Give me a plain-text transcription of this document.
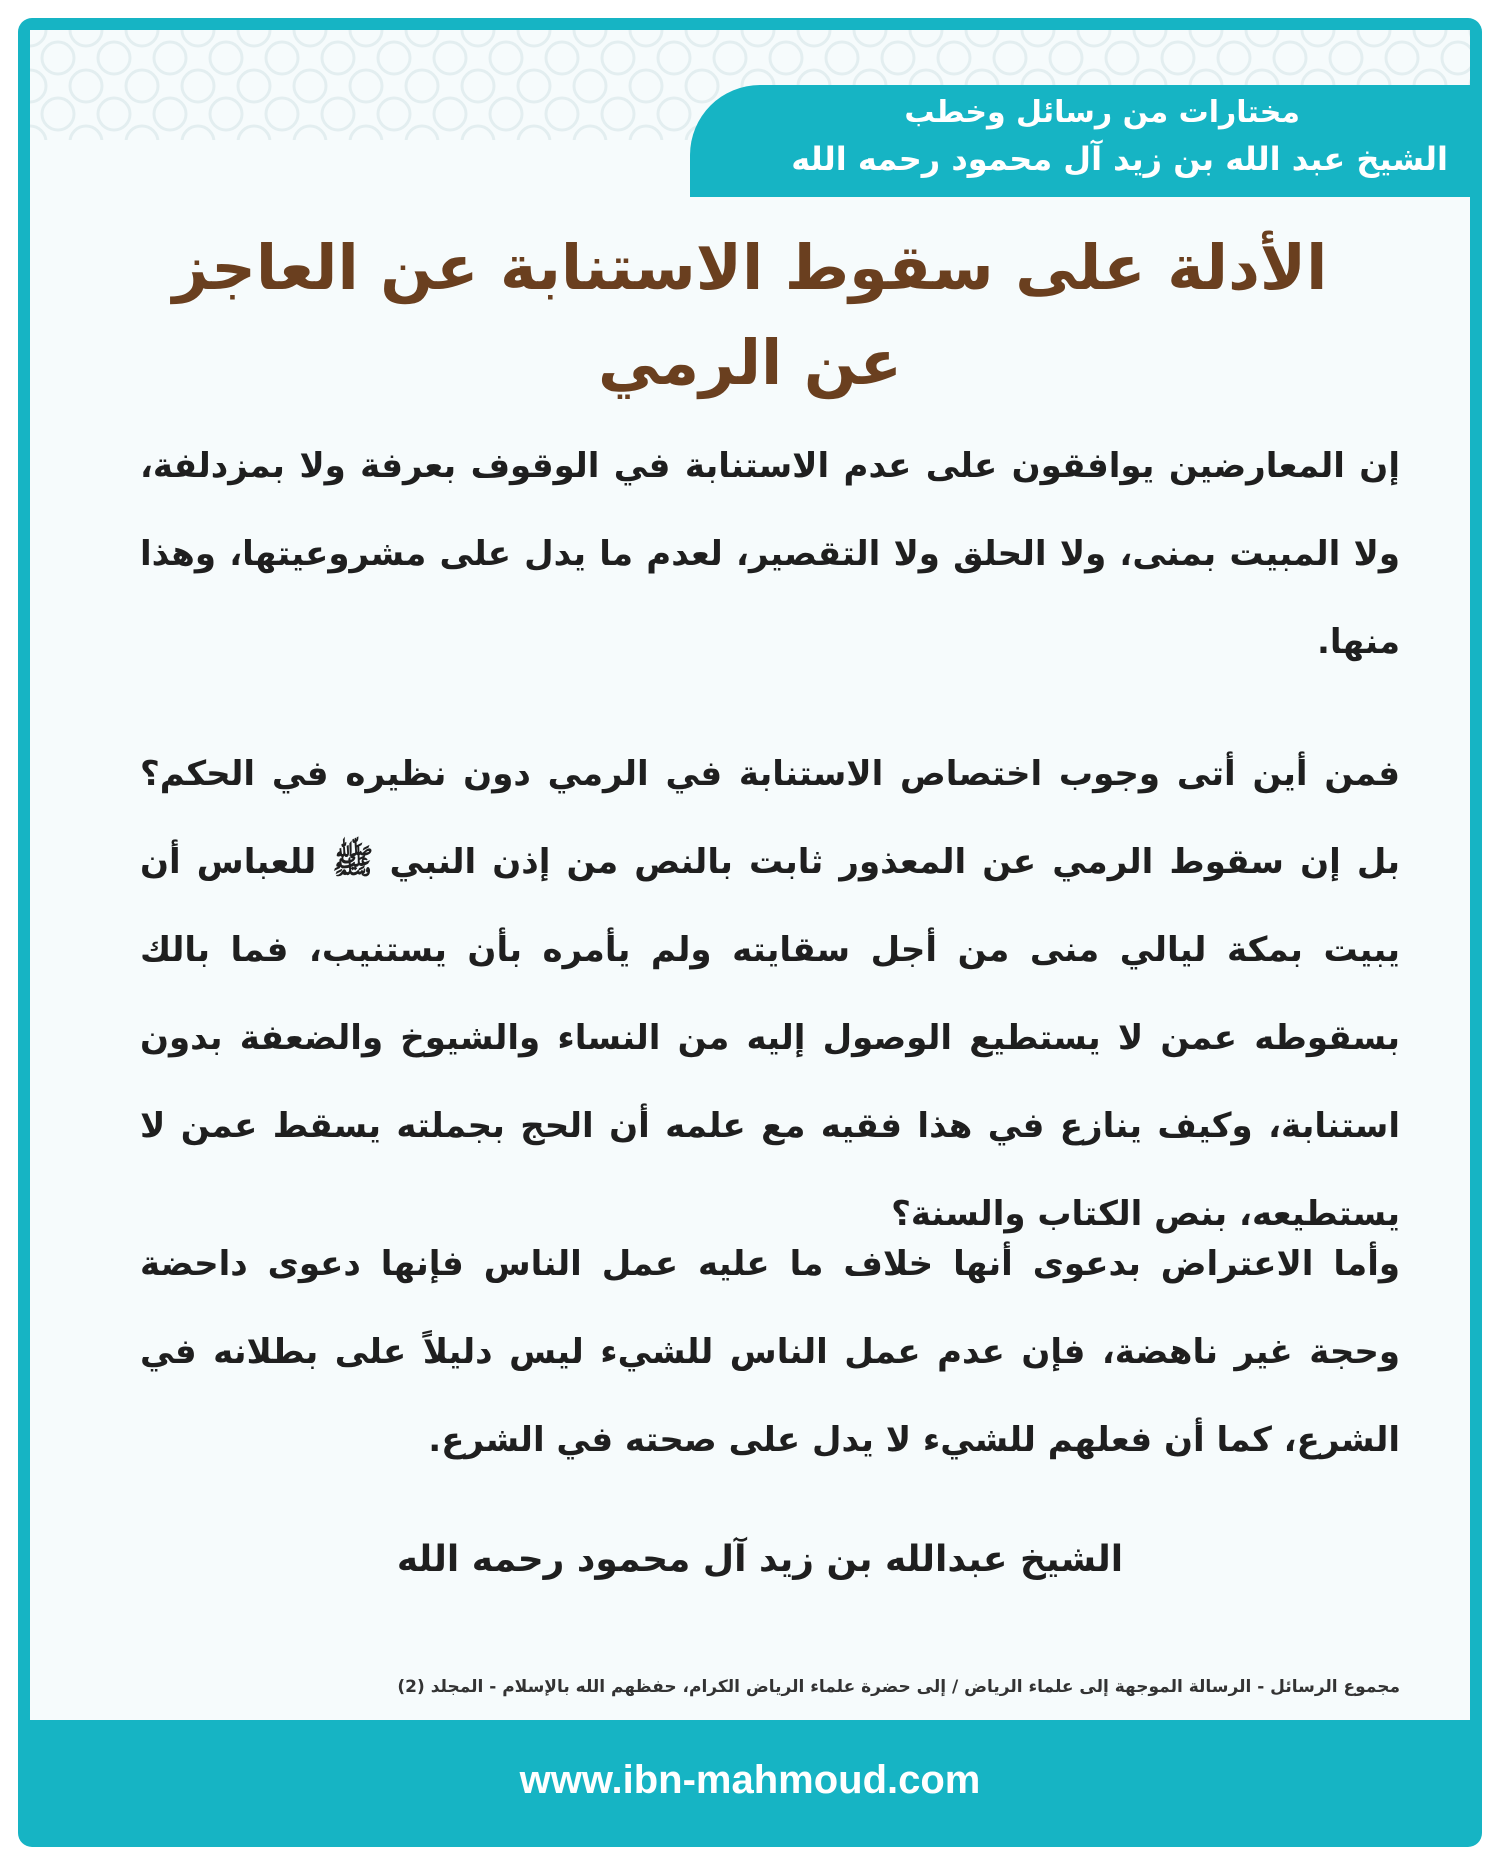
مختارات من رسائل وخطب
الشيخ عبد الله بن زيد آل محمود رحمه الله
الأدلة على سقوط الاستنابة عن العاجز عن الرمي
إن المعارضين يوافقون على عدم الاستنابة في الوقوف بعرفة ولا بمزدلفة، ولا المبيت بمنى، ولا الحلق ولا التقصير، لعدم ما يدل على مشروعيتها، وهذا منها.
فمن أين أتى وجوب اختصاص الاستنابة في الرمي دون نظيره في الحكم؟ بل إن سقوط الرمي عن المعذور ثابت بالنص من إذن النبي ﷺ للعباس أن يبيت بمكة ليالي منى من أجل سقايته ولم يأمره بأن يستنيب، فما بالك بسقوطه عمن لا يستطيع الوصول إليه من النساء والشيوخ والضعفة بدون استنابة، وكيف ينازع في هذا فقيه مع علمه أن الحج بجملته يسقط عمن لا يستطيعه، بنص الكتاب والسنة؟
وأما الاعتراض بدعوى أنها خلاف ما عليه عمل الناس فإنها دعوى داحضة وحجة غير ناهضة، فإن عدم عمل الناس للشيء ليس دليلاً على بطلانه في الشرع، كما أن فعلهم للشيء لا يدل على صحته في الشرع.
الشيخ عبدالله بن زيد آل محمود رحمه الله
مجموع الرسائل - الرسالة الموجهة إلى علماء الرياض / إلى حضرة علماء الرياض الكرام، حفظهم الله بالإسلام - المجلد (2)
www.ibn-mahmoud.com
